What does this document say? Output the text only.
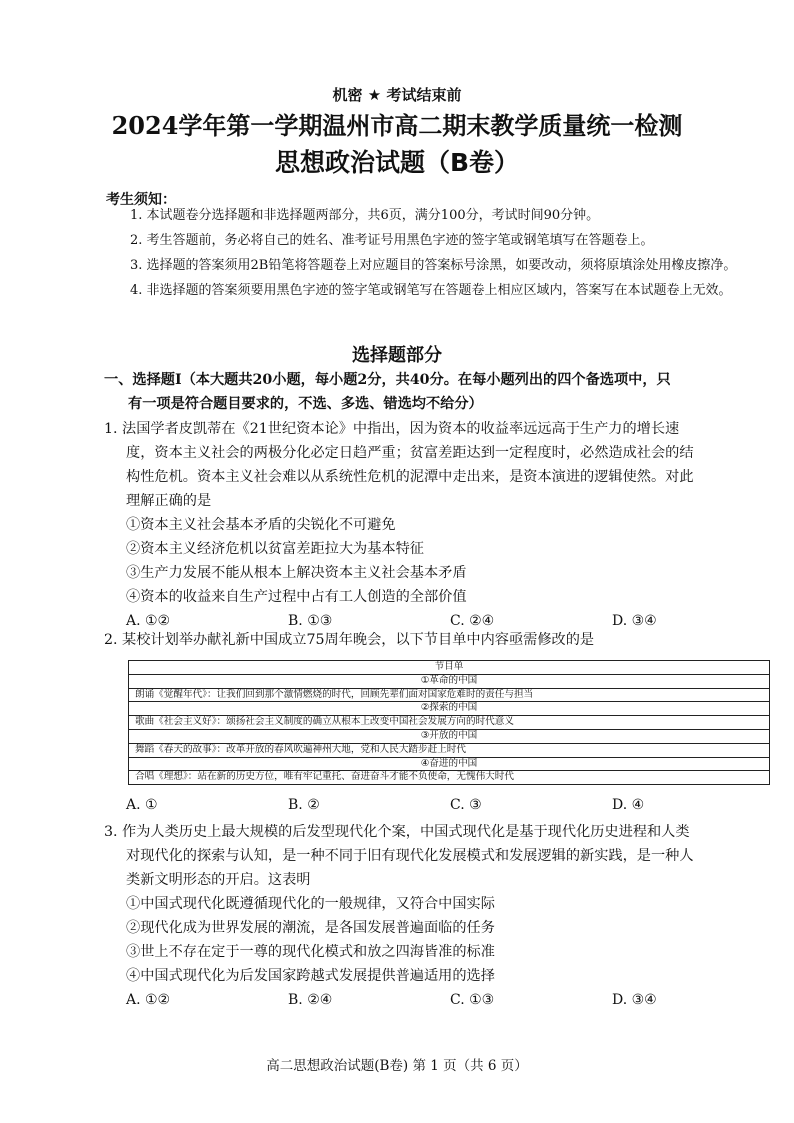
机密 ★ 考试结束前
2024学年第一学期温州市高二期末教学质量统一检测
思想政治试题（B卷）
考生须知：

1. 本试题卷分选择题和非选择题两部分，共6页，满分100分，考试时间90分钟。

2. 考生答题前，务必将自己的姓名、准考证号用黑色字迹的签字笔或钢笔填写在答题卷上。

3. 选择题的答案须用2B铅笔将答题卷上对应题目的答案标号涂黑，如要改动，须将原填涂处用橡皮擦净。

4. 非选择题的答案须要用黑色字迹的签字笔或钢笔写在答题卷上相应区域内，答案写在本试题卷上无效。

选择题部分

一、选择题Ⅰ（本大题共20小题，每小题2分，共40分。在每小题列出的四个备选项中，只

有一项是符合题目要求的，不选、多选、错选均不给分）

1. 法国学者皮凯蒂在《21世纪资本论》中指出，因为资本的收益率远远高于生产力的增长速

度，资本主义社会的两极分化必定日趋严重；贫富差距达到一定程度时，必然造成社会的结

构性危机。资本主义社会难以从系统性危机的泥潭中走出来，是资本演进的逻辑使然。对此

理解正确的是

①资本主义社会基本矛盾的尖锐化不可避免

②资本主义经济危机以贫富差距拉大为基本特征

③生产力发展不能从根本上解决资本主义社会基本矛盾

④资本的收益来自生产过程中占有工人创造的全部价值

A. ①②	B. ①③	C. ②④	D. ③④

2. 某校计划举办献礼新中国成立75周年晚会，以下节目单中内容亟需修改的是

节目单
①革命的中国
朗诵《觉醒年代》：让我们回到那个激情燃烧的时代，回顾先辈们面对国家危难时的责任与担当
②探索的中国
歌曲《社会主义好》：颂扬社会主义制度的确立从根本上改变中国社会发展方向的时代意义
③开放的中国
舞蹈《春天的故事》：改革开放的春风吹遍神州大地，党和人民大踏步赶上时代
④奋进的中国
合唱《理想》：站在新的历史方位，唯有牢记重托、奋进奋斗才能不负使命，无愧伟大时代
A. ①	B. ②	C. ③	D. ④

3. 作为人类历史上最大规模的后发型现代化个案，中国式现代化是基于现代化历史进程和人类

对现代化的探索与认知，是一种不同于旧有现代化发展模式和发展逻辑的新实践，是一种人

类新文明形态的开启。这表明

①中国式现代化既遵循现代化的一般规律，又符合中国实际

②现代化成为世界发展的潮流，是各国发展普遍面临的任务

③世上不存在定于一尊的现代化模式和放之四海皆准的标准

④中国式现代化为后发国家跨越式发展提供普遍适用的选择

A. ①②	B. ②④	C. ①③	D. ③④
高二思想政治试题(B卷) 第 1 页（共 6 页）
